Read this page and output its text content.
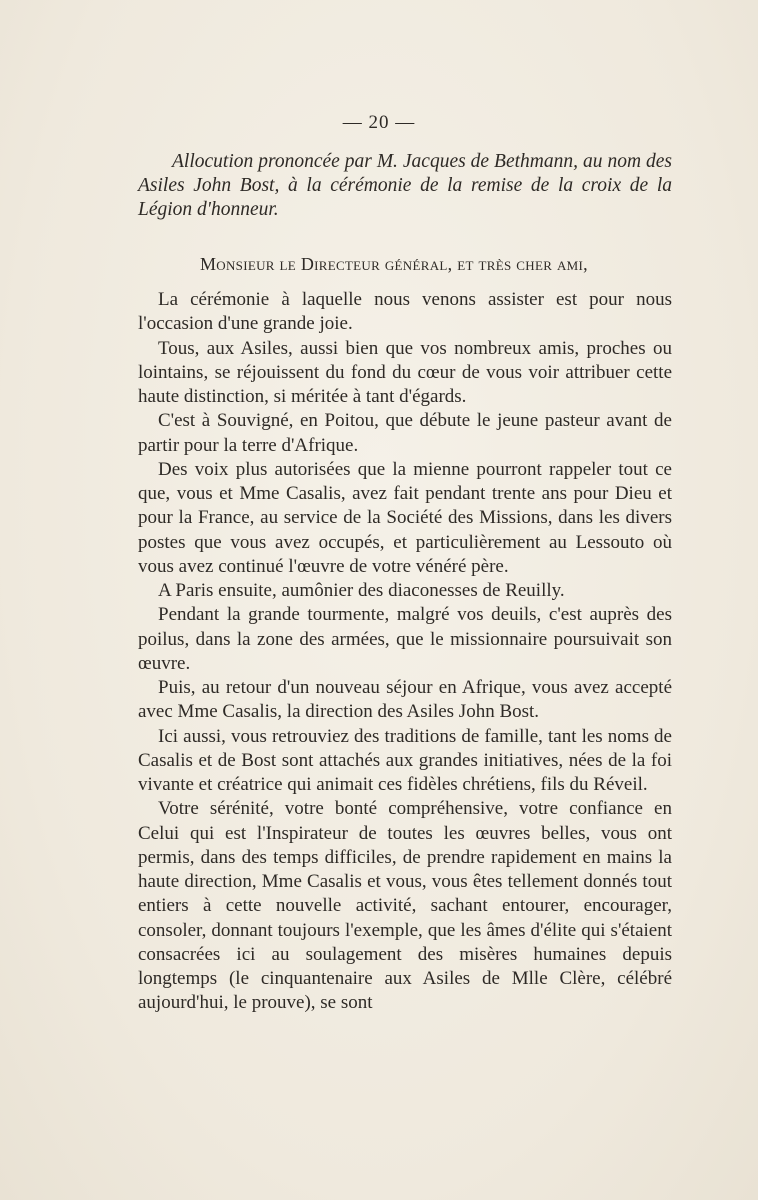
— 20 —
Allocution prononcée par M. Jacques de Bethmann, au nom des Asiles John Bost, à la cérémonie de la remise de la croix de la Légion d'honneur.
Monsieur le Directeur général, et très cher ami,

La cérémonie à laquelle nous venons assister est pour nous l'occasion d'une grande joie.

Tous, aux Asiles, aussi bien que vos nombreux amis, proches ou lointains, se réjouissent du fond du cœur de vous voir attribuer cette haute distinction, si méritée à tant d'égards.

C'est à Souvigné, en Poitou, que débute le jeune pasteur avant de partir pour la terre d'Afrique.

Des voix plus autorisées que la mienne pourront rappeler tout ce que, vous et Mme Casalis, avez fait pendant trente ans pour Dieu et pour la France, au service de la Société des Missions, dans les divers postes que vous avez occupés, et particulièrement au Lessouto où vous avez continué l'œuvre de votre vénéré père.

A Paris ensuite, aumônier des diaconesses de Reuilly.

Pendant la grande tourmente, malgré vos deuils, c'est auprès des poilus, dans la zone des armées, que le missionnaire poursuivait son œuvre.

Puis, au retour d'un nouveau séjour en Afrique, vous avez accepté avec Mme Casalis, la direction des Asiles John Bost.

Ici aussi, vous retrouviez des traditions de famille, tant les noms de Casalis et de Bost sont attachés aux grandes initiatives, nées de la foi vivante et créatrice qui animait ces fidèles chrétiens, fils du Réveil.

Votre sérénité, votre bonté compréhensive, votre confiance en Celui qui est l'Inspirateur de toutes les œuvres belles, vous ont permis, dans des temps difficiles, de prendre rapidement en mains la haute direction, Mme Casalis et vous, vous êtes tellement donnés tout entiers à cette nouvelle activité, sachant entourer, encourager, consoler, donnant toujours l'exemple, que les âmes d'élite qui s'étaient consacrées ici au soulagement des misères humaines depuis longtemps (le cinquantenaire aux Asiles de Mlle Clère, célébré aujourd'hui, le prouve), se sont
